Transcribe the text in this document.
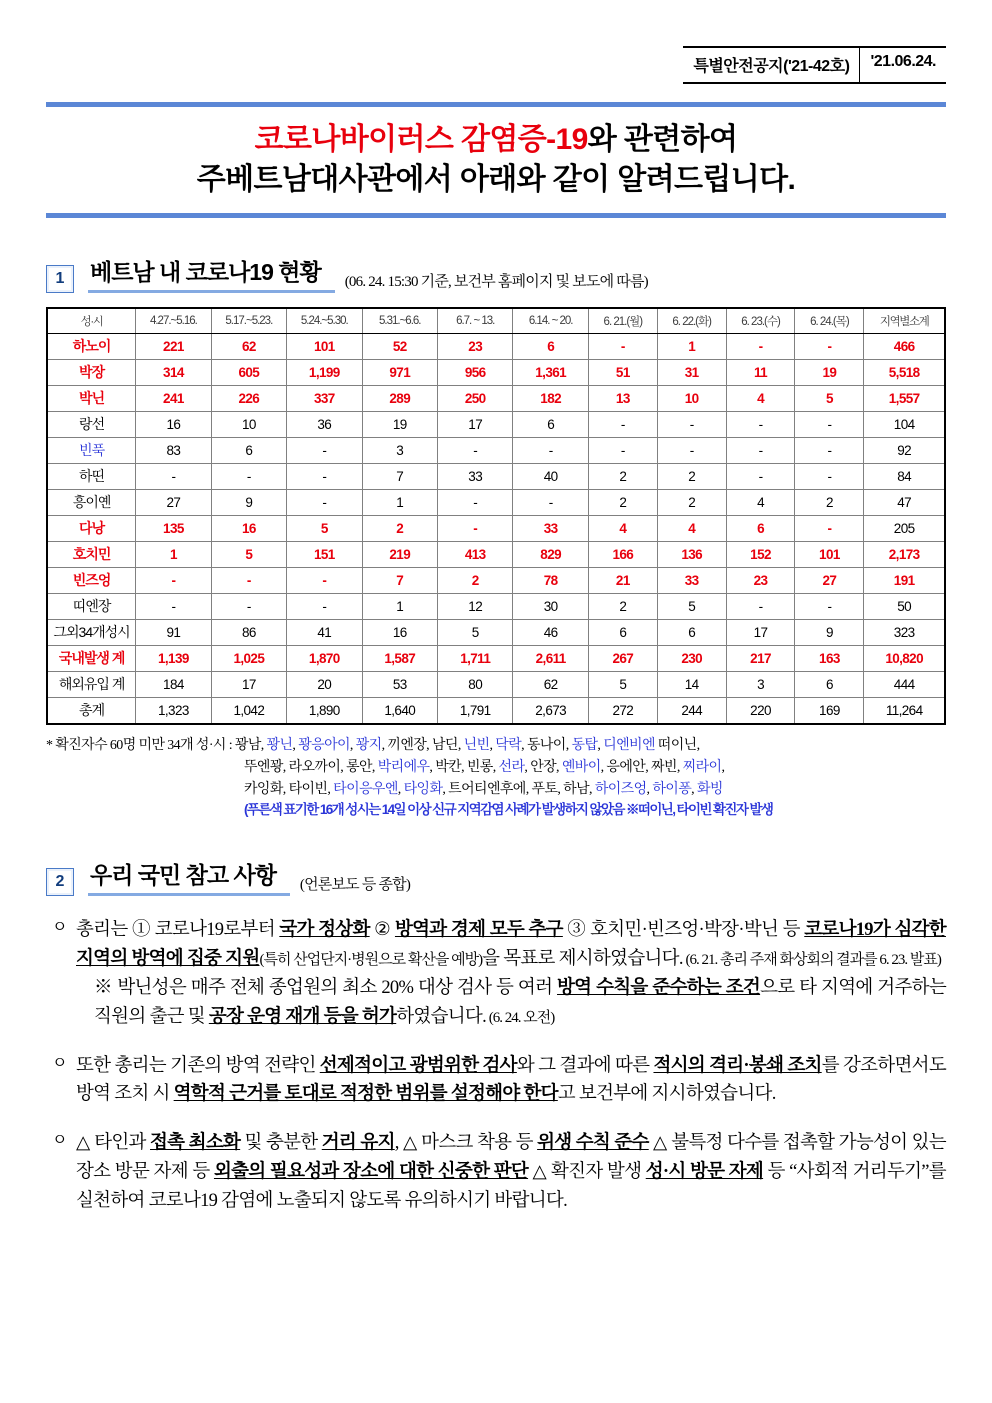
특별안전공지('21-42호)	'21.06.24.
코로나바이러스 감염증-19와 관련하여
주베트남대사관에서 아래와 같이 알려드립니다.
1	베트남 내 코로나19 현황	(06. 24. 15:30 기준, 보건부 홈페이지 및 보도에 따름)
성·시	4.27.~5.16.	5.17.~5.23.	5.24.~5.30.	5.31.~6.6.	6.7. ~ 13.	6.14. ~ 20.	6. 21.(월)	6. 22.(화)	6. 23.(수)	6. 24.(목)	지역별소계
하노이	221	62	101	52	23	6	-	1	-	-	466
박장	314	605	1,199	971	956	1,361	51	31	11	19	5,518
박닌	241	226	337	289	250	182	13	10	4	5	1,557
랑선	16	10	36	19	17	6	-	-	-	-	104
빈푹	83	6	-	3	-	-	-	-	-	-	92
하띤	-	-	-	7	33	40	2	2	-	-	84
흥이옌	27	9	-	1	-	-	2	2	4	2	47
다낭	135	16	5	2	-	33	4	4	6	-	205
호치민	1	5	151	219	413	829	166	136	152	101	2,173
빈즈엉	-	-	-	7	2	78	21	33	23	27	191
띠엔장	-	-	-	1	12	30	2	5	-	-	50
그외34개성시	91	86	41	16	5	46	6	6	17	9	323
국내발생 계	1,139	1,025	1,870	1,587	1,711	2,611	267	230	217	163	10,820
해외유입 계	184	17	20	53	80	62	5	14	3	6	444
총계	1,323	1,042	1,890	1,640	1,791	2,673	272	244	220	169	11,264
* 확진자수 60명 미만 34개 성·시 : 꽝남, 꽝닌, 꽝응아이, 꽝지, 끼엔장, 남딘, 닌빈, 닥락, 동나이, 동탑, 디엔비엔 떠이닌,
뚜엔꽝, 라오까이, 롱안, 박리에우, 박칸, 빈롱, 선라, 안장, 옌바이, 응에안, 짜빈, 찌라이,
카잉화, 타이빈, 타이응우엔, 타잉화, 트어티엔후에, 푸토, 하남, 하이즈엉, 하이퐁, 화빙
(푸른색 표기한 16개 성시는 14일 이상 신규 지역감염 사례가 발생하지 않았음 ※떠이닌, 타이빈 확진자 발생
2	우리 국민 참고 사항	(언론보도 등 종합)
ㅇ 총리는 ① 코로나19로부터 국가 정상화 ② 방역과 경제 모두 추구 ③ 호치민·빈즈엉·박장·박닌 등 코로나19가 심각한 지역의 방역에 집중 지원(특히 산업단지·병원으로 확산을 예방)을 목표로 제시하였습니다. (6. 21. 총리 주재 화상회의 결과를 6. 23. 발표)

※ 박닌성은 매주 전체 종업원의 최소 20% 대상 검사 등 여러 방역 수칙을 준수하는 조건으로 타 지역에 거주하는 직원의 출근 및 공장 운영 재개 등을 허가하였습니다. (6. 24. 오전)

ㅇ 또한 총리는 기존의 방역 전략인 선제적이고 광범위한 검사와 그 결과에 따른 적시의 격리·봉쇄 조치를 강조하면서도 방역 조치 시 역학적 근거를 토대로 적정한 범위를 설정해야 한다고 보건부에 지시하였습니다.

ㅇ △ 타인과 접촉 최소화 및 충분한 거리 유지, △ 마스크 착용 등 위생 수칙 준수 △ 불특정 다수를 접촉할 가능성이 있는 장소 방문 자제 등 외출의 필요성과 장소에 대한 신중한 판단 △ 확진자 발생 성·시 방문 자제 등 “사회적 거리두기”를 실천하여 코로나19 감염에 노출되지 않도록 유의하시기 바랍니다.
